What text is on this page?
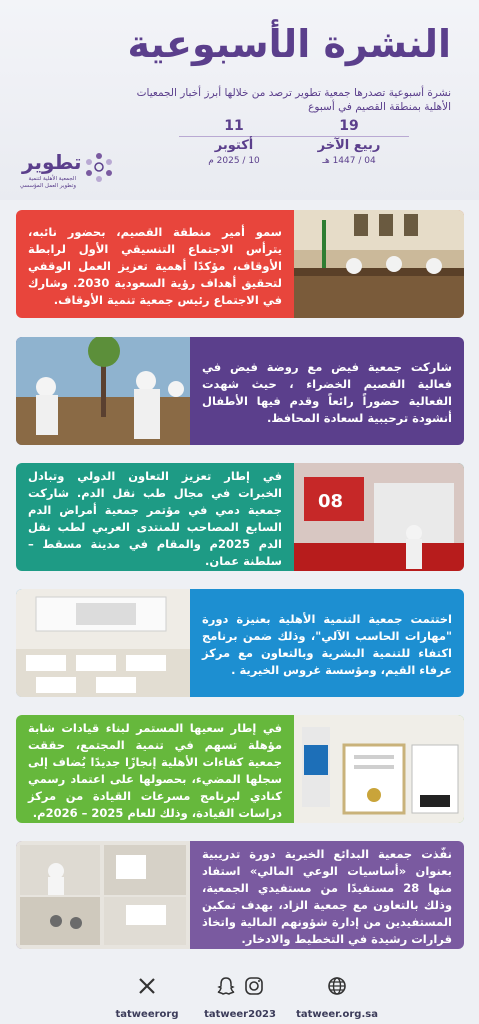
النشرة الأسبوعية
نشرة أسبوعية تصدرها جمعية تطوير ترصد من خلالها أبرز أخبار الجمعيات الأهلية بمنطقة القصيم في أسبوع
19
ربيع الآخر
04 / 1447 هـ
11
أكتوبر
10 / 2025 م
تطوير
الجمعية الأهلية لتنمية وتطوير العمل المؤسسي
سمو أمير منطقة القصيم، بحضور نائبه، يترأس الاجتماع التنسيقي الأول لرابطة الأوقاف، مؤكدًا أهمية تعزيز العمل الوقفي لتحقيق أهداف رؤية السعودية 2030. وشارك في الاجتماع رئيس جمعية تنمية الأوقاف.
شاركت جمعية فيض مع روضة فيض في فعالية القصيم الخضراء ، حيث شهدت الفعالية حضوراً رائعاً وقدم فيها الأطفال أنشودة ترحيبية لسعادة المحافظ.
في إطار تعزيز التعاون الدولي وتبادل الخبرات في مجال طب نقل الدم. شاركت جمعية دمي في مؤتمر جمعية أمراض الدم السابع المصاحب للمنتدى العربي لطب نقل الدم 2025م والمقام في مدينة مسقط – سلطنة عمان.
08
اختتمت جمعية التنمية الأهلية بعنيزة دورة "مهارات الحاسب الآلي"، وذلك ضمن برنامج اكتفاء للتنمية البشرية وبالتعاون مع مركز عرفاء القيم، ومؤسسة غروس الخيرية .
في إطار سعيها المستمر لبناء قيادات شابة مؤهلة تسهم في تنمية المجتمع، حققت جمعية كفاءات الأهلية إنجازًا جديدًا يُضاف إلى سجلها المضيء، بحصولها على اعتماد رسمي كنادي لبرنامج مسرعات القيادة من مركز دراسات القيادة، وذلك للعام 2025 – 2026م.
نفّذت جمعية البدائع الخيرية دورة تدريبية بعنوان «أساسيات الوعي المالي» استفاد منها 28 مستفيدًا من مستفيدي الجمعية، وذلك بالتعاون مع جمعية الزاد، بهدف تمكين المستفيدين من إدارة شؤونهم المالية واتخاذ قرارات رشيدة في التخطيط والادخار.
tatweerorg	tatweer2023	tatweer.org.sa
